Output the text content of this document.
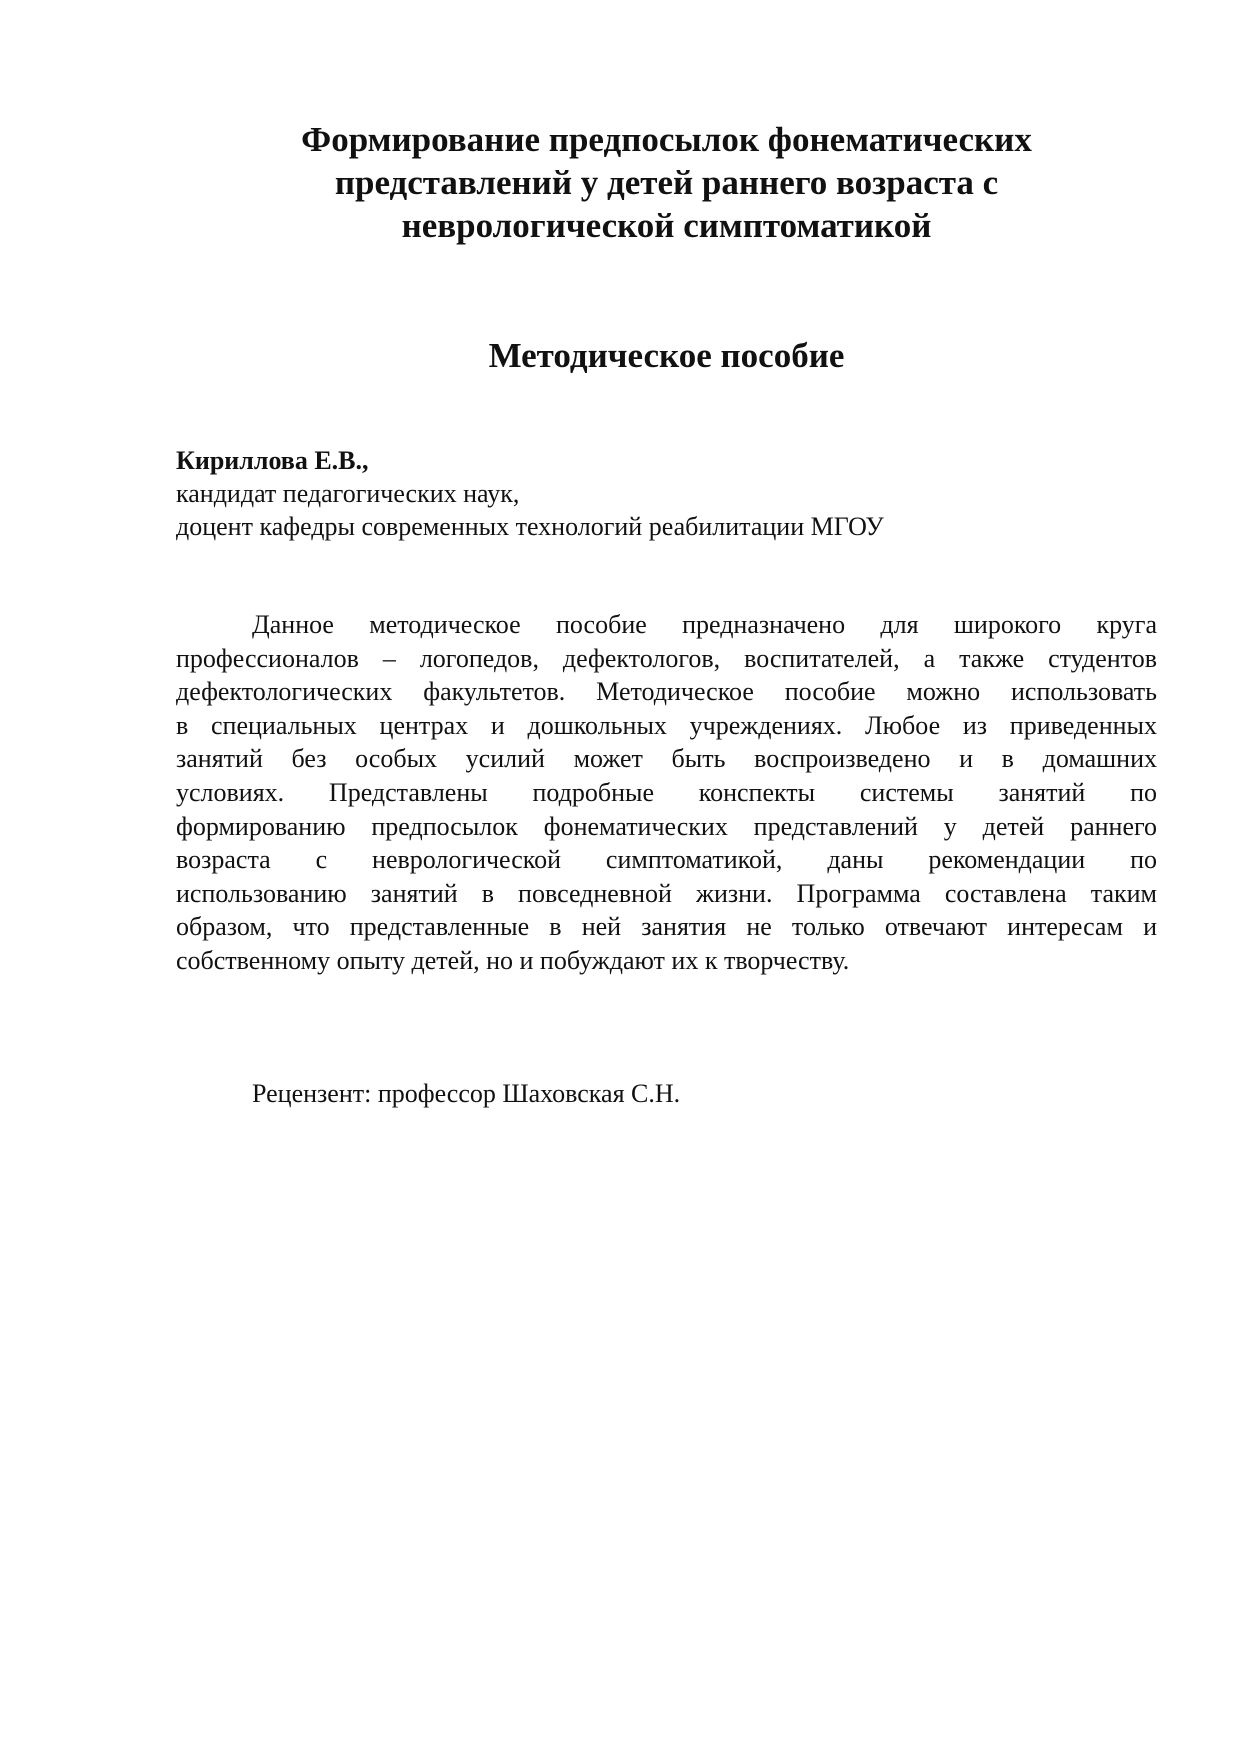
Формирование предпосылок фонематических
представлений у детей раннего возраста с
неврологической симптоматикой
Методическое пособие
Кириллова Е.В.,
кандидат педагогических наук,
доцент кафедры современных технологий реабилитации МГОУ

Данное методическое пособие предназначено для широкого круга
профессионалов – логопедов, дефектологов, воспитателей, а также студентов
дефектологических факультетов. Методическое пособие можно использовать
в специальных центрах и дошкольных учреждениях. Любое из приведенных
занятий без особых усилий может быть воспроизведено и в домашних
условиях. Представлены подробные конспекты системы занятий по
формированию предпосылок фонематических представлений у детей раннего
возраста с неврологической симптоматикой, даны рекомендации по
использованию занятий в повседневной жизни. Программа составлена таким
образом, что представленные в ней занятия не только отвечают интересам и
собственному опыту детей, но и побуждают их к творчеству.

Рецензент: профессор Шаховская С.Н.
